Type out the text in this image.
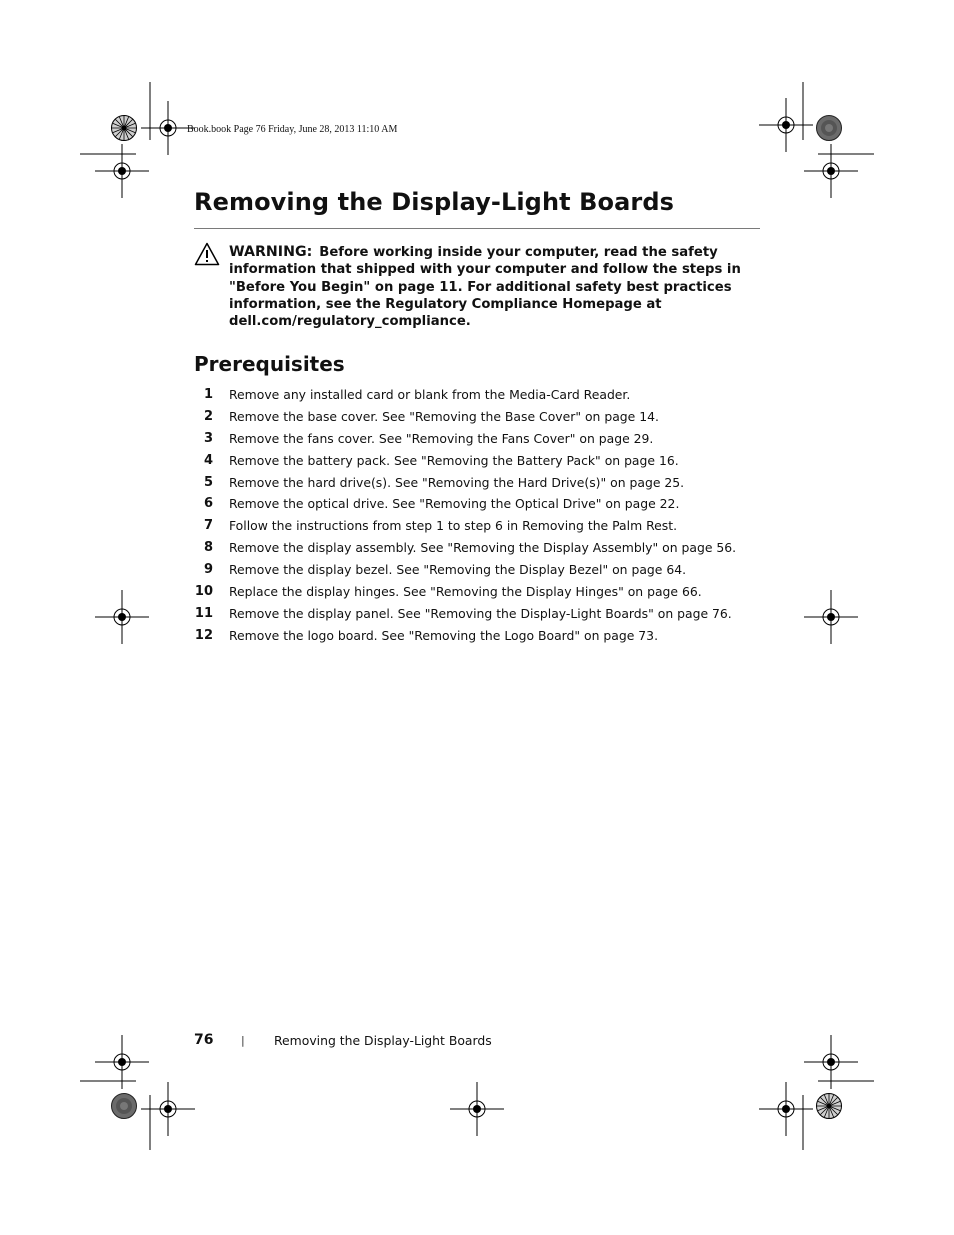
Book.book Page 76 Friday, June 28, 2013 11:10 AM
Removing the Display-Light Boards
WARNING: Before working inside your computer, read the safety information that shipped with your computer and follow the steps in "Before You Begin" on page 11. For additional safety best practices information, see the Regulatory Compliance Homepage at dell.com/regulatory_compliance.
Prerequisites
1 Remove any installed card or blank from the Media-Card Reader.
2 Remove the base cover. See "Removing the Base Cover" on page 14.
3 Remove the fans cover. See "Removing the Fans Cover" on page 29.
4 Remove the battery pack. See "Removing the Battery Pack" on page 16.
5 Remove the hard drive(s). See "Removing the Hard Drive(s)" on page 25.
6 Remove the optical drive. See "Removing the Optical Drive" on page 22.
7 Follow the instructions from step 1 to step 6 in Removing the Palm Rest.
8 Remove the display assembly. See "Removing the Display Assembly" on page 56.
9 Remove the display bezel. See "Removing the Display Bezel" on page 64.
10 Replace the display hinges. See "Removing the Display Hinges" on page 66.
11 Remove the display panel. See "Removing the Display-Light Boards" on page 76.
12 Remove the logo board. See "Removing the Logo Board" on page 73.
76	| Removing the Display-Light Boards
